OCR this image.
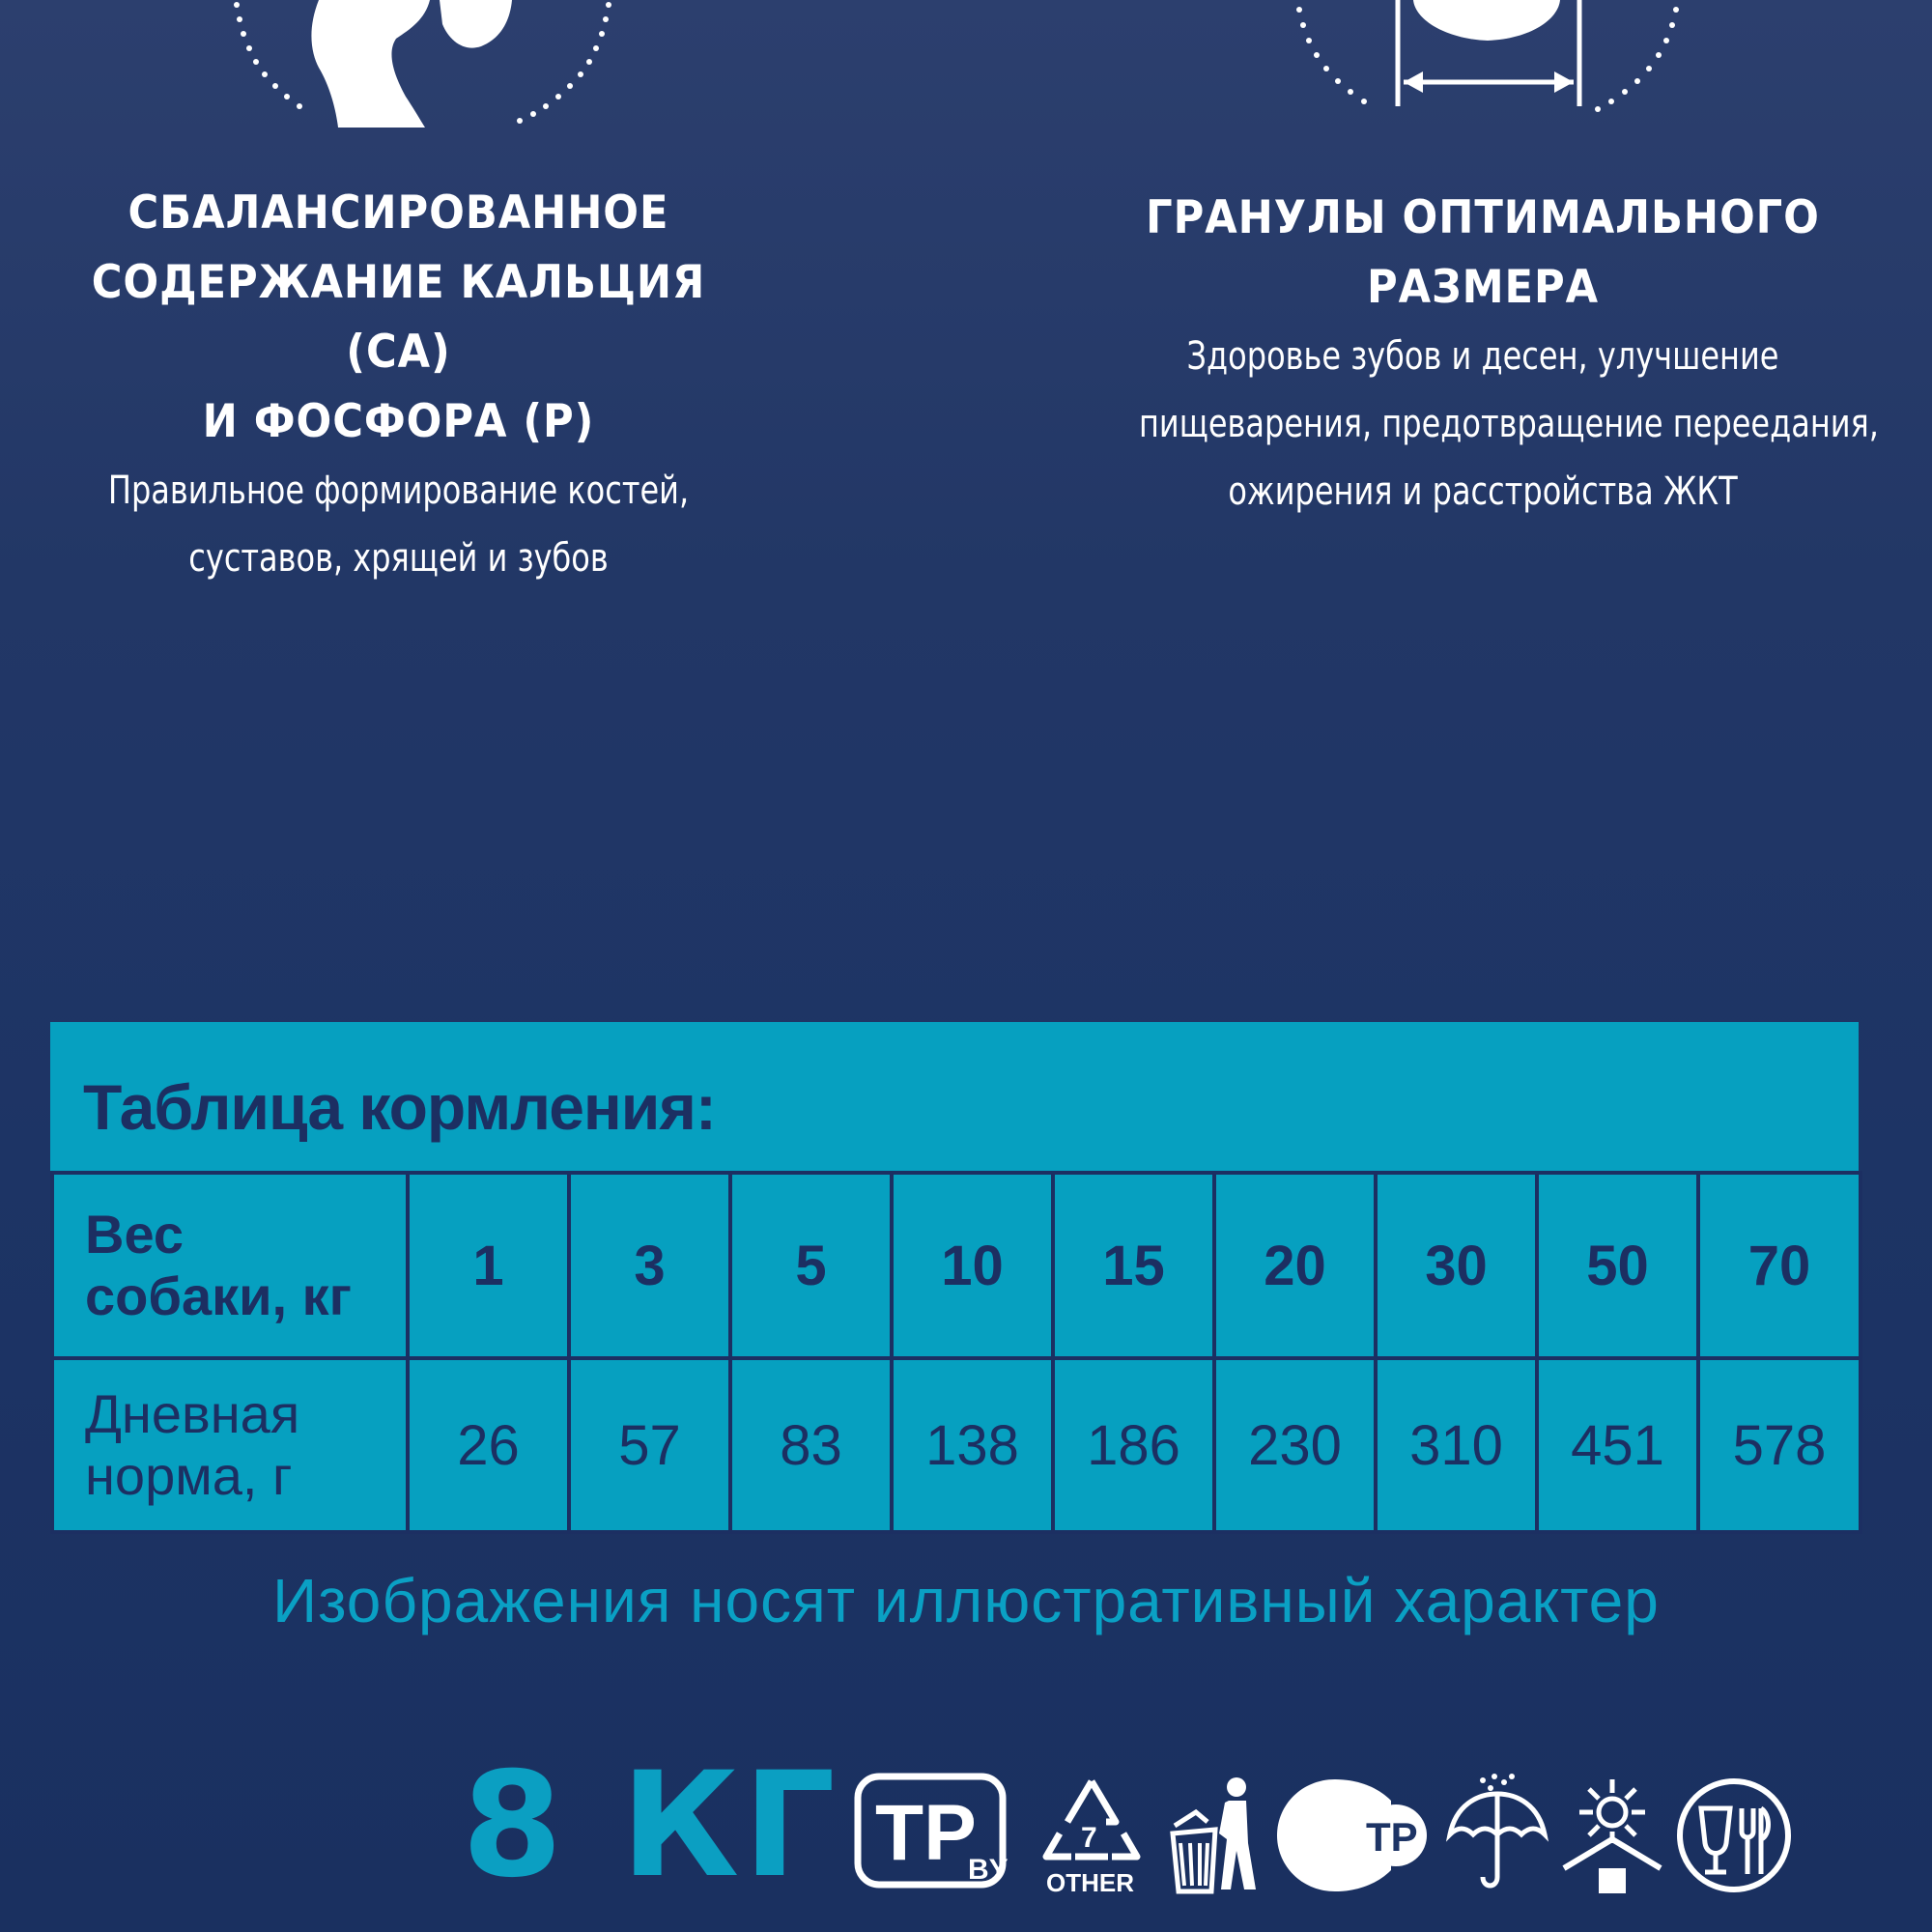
СБАЛАНСИРОВАННОЕ

СОДЕРЖАНИЕ КАЛЬЦИЯ (CA)

И ФОСФОРА (P)

Правильное формирование костей,

суставов, хрящей и зубов

ГРАНУЛЫ ОПТИМАЛЬНОГО

РАЗМЕРА

Здоровье зубов и десен, улучшение

пищеварения, предотвращение переедания,

ожирения и расстройства ЖКТ

Таблица кормления:
Вес
собаки, кг	1	3	5	10	15	20	30	50	70

Дневная
норма, г	26	57	83	138	186	230	310	451	578
Изображения носят иллюстративный характер
8 КГ TP
BY
7
OTHER
TP
